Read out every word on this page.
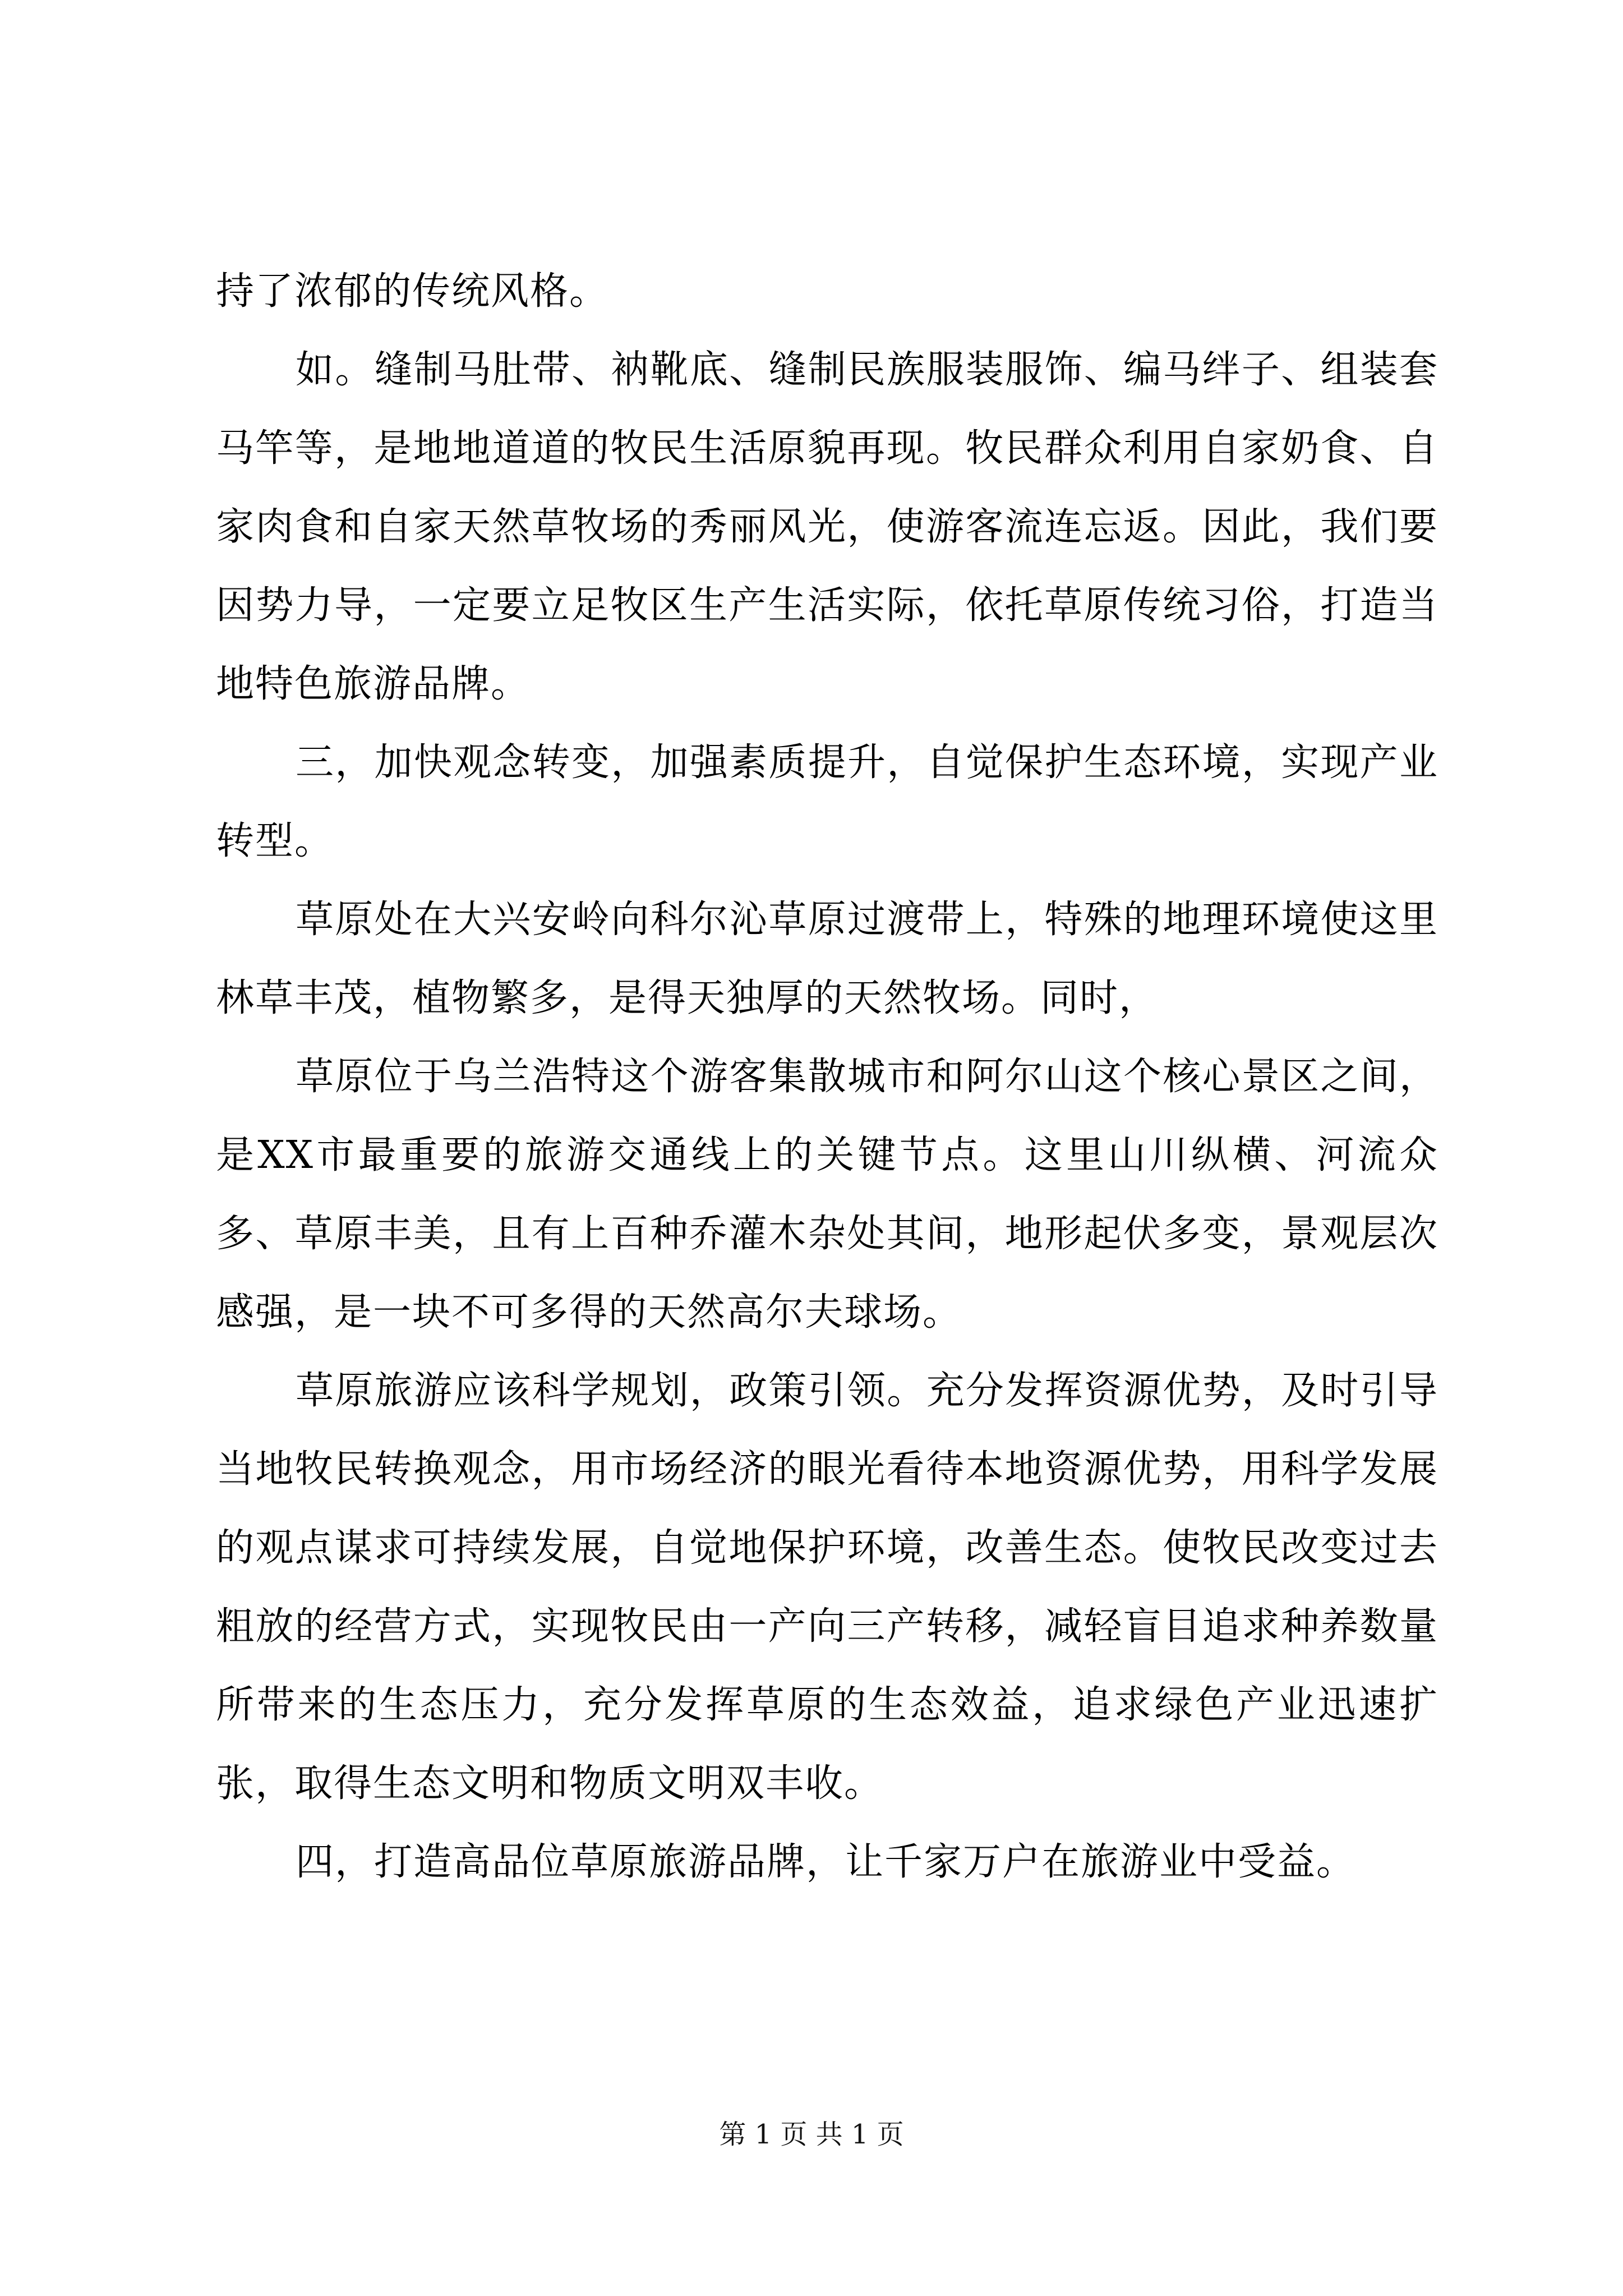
持了浓郁的传统风格。

如。缝制马肚带、衲靴底、缝制民族服装服饰、编马绊子、组装套马竿等，是地地道道的牧民生活原貌再现。牧民群众利用自家奶食、自家肉食和自家天然草牧场的秀丽风光，使游客流连忘返。因此，我们要因势力导，一定要立足牧区生产生活实际，依托草原传统习俗，打造当地特色旅游品牌。

三，加快观念转变，加强素质提升，自觉保护生态环境，实现产业转型。

草原处在大兴安岭向科尔沁草原过渡带上，特殊的地理环境使这里林草丰茂，植物繁多，是得天独厚的天然牧场。同时，

草原位于乌兰浩特这个游客集散城市和阿尔山这个核心景区之间，是XX市最重要的旅游交通线上的关键节点。这里山川纵横、河流众多、草原丰美，且有上百种乔灌木杂处其间，地形起伏多变，景观层次感强，是一块不可多得的天然高尔夫球场。

草原旅游应该科学规划，政策引领。充分发挥资源优势，及时引导当地牧民转换观念，用市场经济的眼光看待本地资源优势，用科学发展的观点谋求可持续发展，自觉地保护环境，改善生态。使牧民改变过去粗放的经营方式，实现牧民由一产向三产转移，减轻盲目追求种养数量所带来的生态压力，充分发挥草原的生态效益，追求绿色产业迅速扩张，取得生态文明和物质文明双丰收。

四，打造高品位草原旅游品牌，让千家万户在旅游业中受益。

第 1 页 共 1 页
